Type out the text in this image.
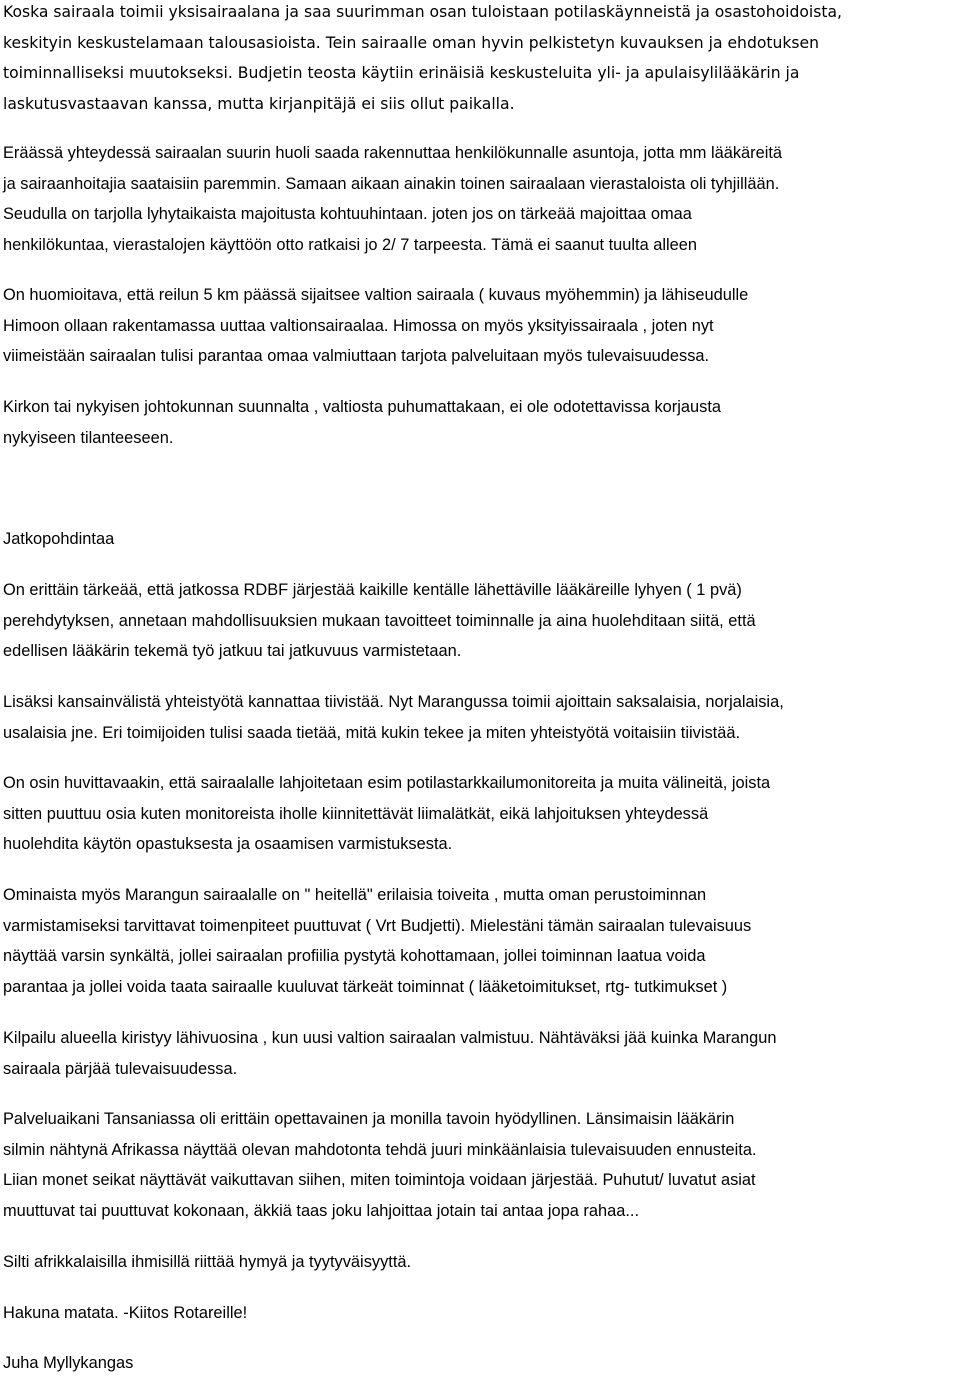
Koska sairaala toimii yksisairaalana ja saa suurimman osan tuloistaan potilaskäynneistä ja osastohoidoista,
keskityin keskustelamaan talousasioista. Tein sairaalle oman hyvin pelkistetyn kuvauksen ja ehdotuksen
toiminnalliseksi muutokseksi. Budjetin teosta käytiin erinäisiä keskusteluita yli- ja apulaisylilääkärin ja
laskutusvastaavan kanssa, mutta kirjanpitäjä ei siis ollut paikalla.

Eräässä yhteydessä sairaalan suurin huoli saada rakennuttaa henkilökunnalle asuntoja, jotta mm lääkäreitä
ja sairaanhoitajia saataisiin paremmin. Samaan aikaan ainakin toinen sairaalaan vierastaloista oli tyhjillään.
Seudulla on tarjolla lyhytaikaista majoitusta kohtuuhintaan. joten jos on tärkeää majoittaa omaa
henkilökuntaa, vierastalojen käyttöön otto ratkaisi jo 2/ 7 tarpeesta. Tämä ei saanut tuulta alleen

On huomioitava, että reilun 5 km päässä sijaitsee valtion sairaala ( kuvaus myöhemmin) ja lähiseudulle
Himoon ollaan rakentamassa uuttaa valtionsairaalaa. Himossa on myös yksityissairaala , joten nyt
viimeistään sairaalan tulisi parantaa omaa valmiuttaan tarjota palveluitaan myös tulevaisuudessa.

Kirkon tai nykyisen johtokunnan suunnalta , valtiosta puhumattakaan, ei ole odotettavissa korjausta
nykyiseen tilanteeseen.

Jatkopohdintaa

On erittäin tärkeää, että jatkossa RDBF järjestää kaikille kentälle lähettäville lääkäreille lyhyen ( 1 pvä)
perehdytyksen, annetaan mahdollisuuksien mukaan tavoitteet toiminnalle ja aina huolehditaan siitä, että
edellisen lääkärin tekemä työ jatkuu tai jatkuvuus varmistetaan.

Lisäksi kansainvälistä yhteistyötä kannattaa tiivistää. Nyt Marangussa toimii ajoittain saksalaisia, norjalaisia,
usalaisia jne. Eri toimijoiden tulisi saada tietää, mitä kukin tekee ja miten yhteistyötä voitaisiin tiivistää.

On osin huvittavaakin, että sairaalalle lahjoitetaan esim potilastarkkailumonitoreita ja muita välineitä, joista
sitten puuttuu osia kuten monitoreista iholle kiinnitettävät liimalätkät, eikä lahjoituksen yhteydessä
huolehdita käytön opastuksesta ja osaamisen varmistuksesta.

Ominaista myös Marangun sairaalalle on " heitellä" erilaisia toiveita , mutta oman perustoiminnan
varmistamiseksi tarvittavat toimenpiteet puuttuvat ( Vrt Budjetti). Mielestäni tämän sairaalan tulevaisuus
näyttää varsin synkältä, jollei sairaalan profiilia pystytä kohottamaan, jollei toiminnan laatua voida
parantaa ja jollei voida taata sairaalle kuuluvat tärkeät toiminnat ( lääketoimitukset, rtg- tutkimukset )

Kilpailu alueella kiristyy lähivuosina , kun uusi valtion sairaalan valmistuu. Nähtäväksi jää kuinka Marangun
sairaala pärjää tulevaisuudessa.

Palveluaikani Tansaniassa oli erittäin opettavainen ja monilla tavoin hyödyllinen. Länsimaisin lääkärin
silmin nähtynä Afrikassa näyttää olevan mahdotonta tehdä juuri minkäänlaisia tulevaisuuden ennusteita.
Liian monet seikat näyttävät vaikuttavan siihen, miten toimintoja voidaan järjestää. Puhutut/ luvatut asiat
muuttuvat tai puuttuvat kokonaan, äkkiä taas joku lahjoittaa jotain tai antaa jopa rahaa...

Silti afrikkalaisilla ihmisillä riittää hymyä ja tyytyväisyyttä.

Hakuna matata. -Kiitos Rotareille!

Juha Myllykangas
